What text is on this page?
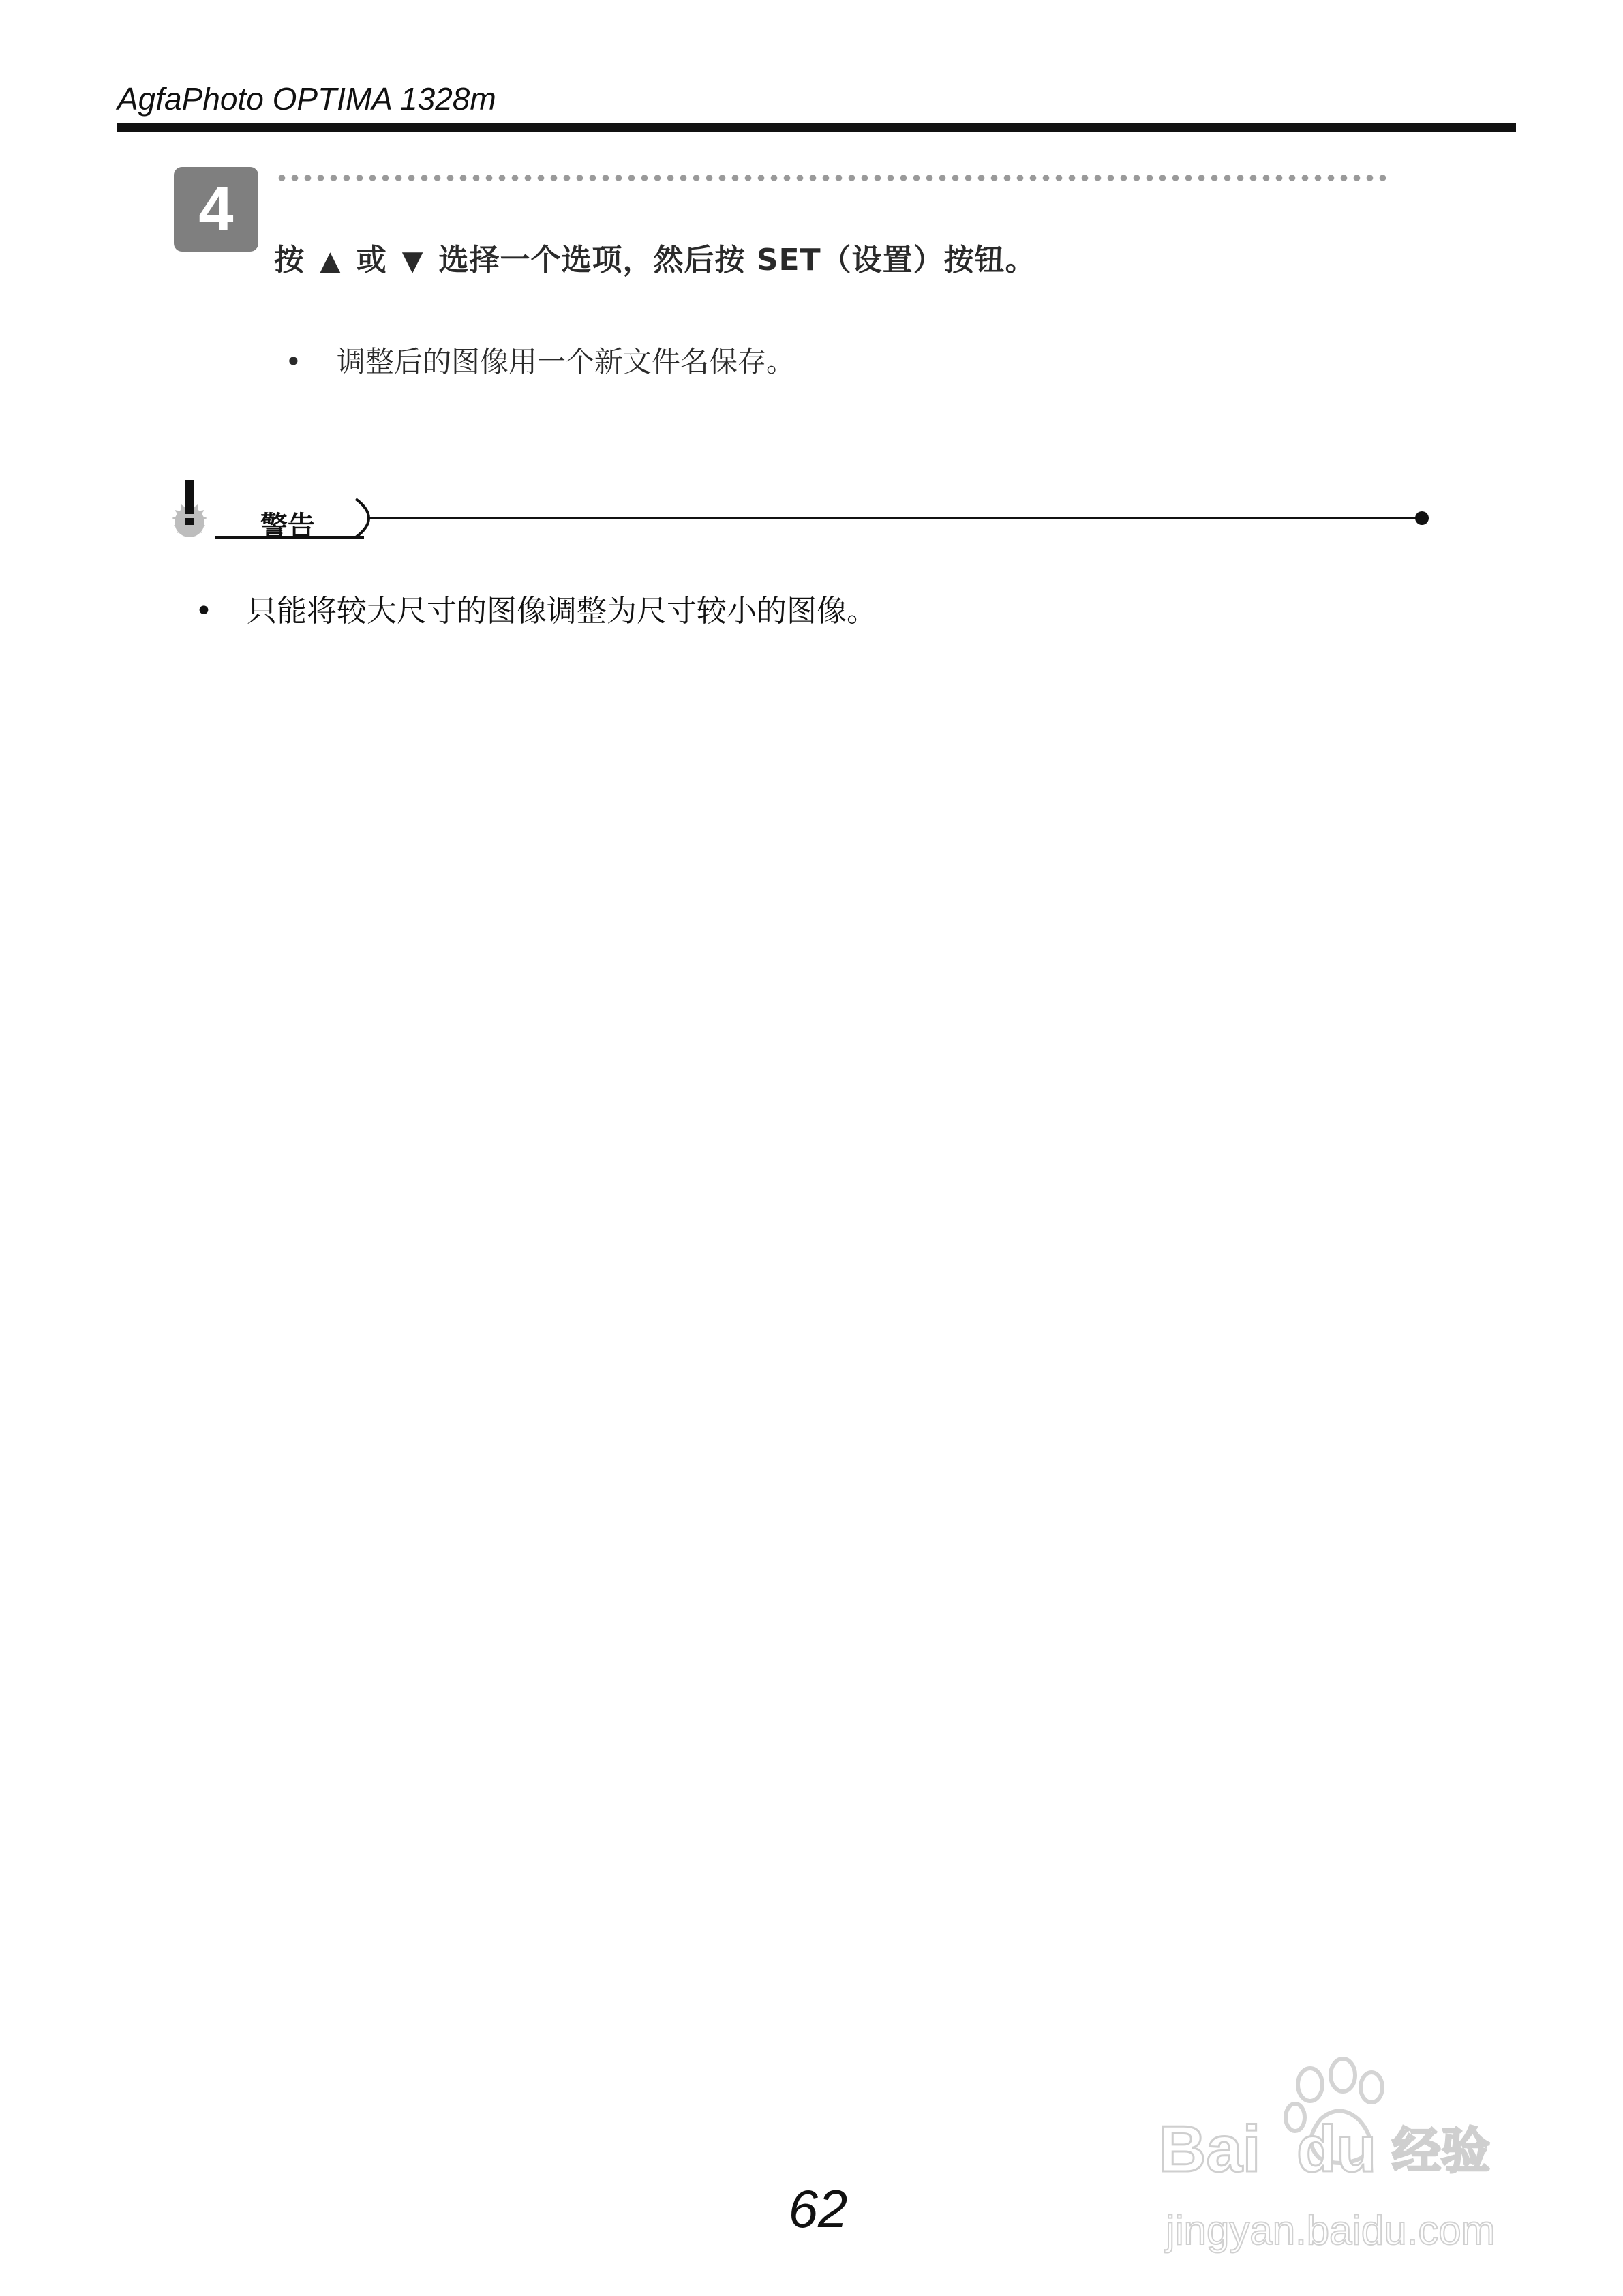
AgfaPhoto OPTIMA 1328m
4
按 ▲ 或 ▼ 选择一个选项，然后按 SET（设置）按钮。
• 调整后的图像用一个新文件名保存。
警告
• 只能将较大尺寸的图像调整为尺寸较小的图像。
62
Bai du 经验
jingyan.baidu.com
